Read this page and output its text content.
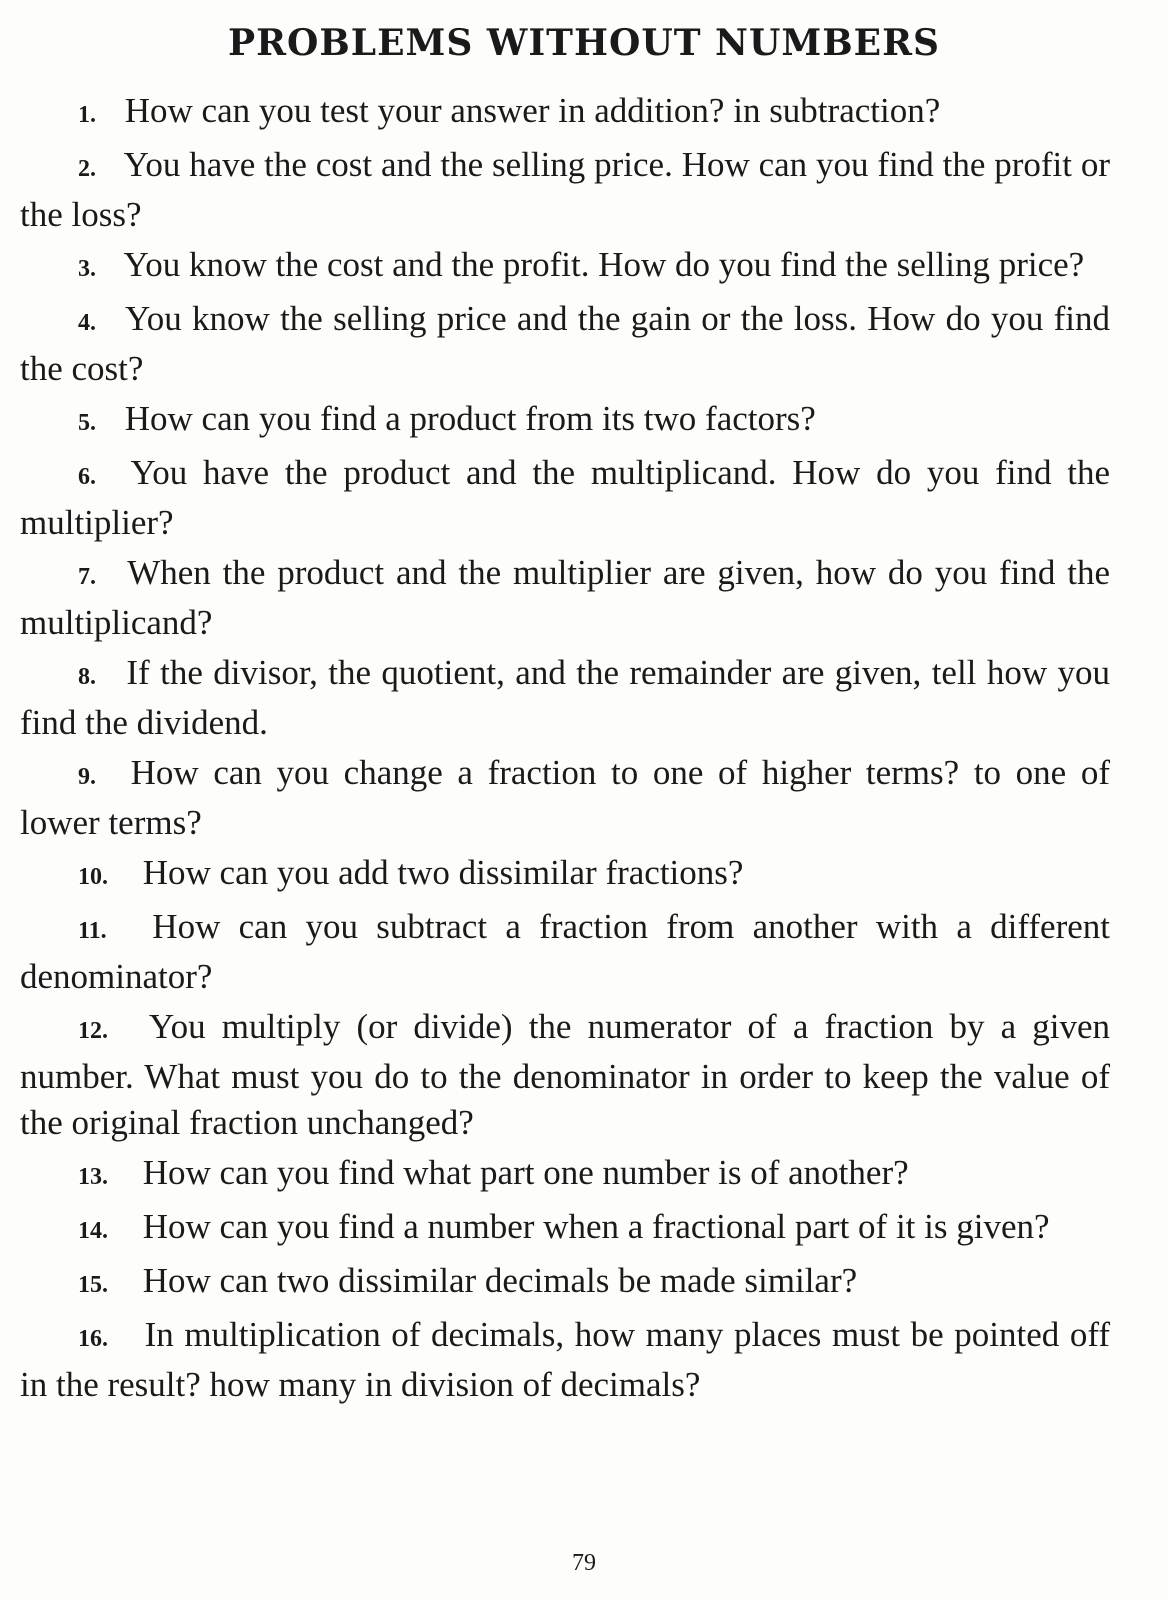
PROBLEMS WITHOUT NUMBERS

1. How can you test your answer in addition? in subtraction?

2. You have the cost and the selling price. How can you find the profit or the loss?

3. You know the cost and the profit. How do you find the selling price?

4. You know the selling price and the gain or the loss. How do you find the cost?

5. How can you find a product from its two factors?

6. You have the product and the multiplicand. How do you find the multiplier?

7. When the product and the multiplier are given, how do you find the multiplicand?

8. If the divisor, the quotient, and the remainder are given, tell how you find the dividend.

9. How can you change a fraction to one of higher terms? to one of lower terms?

10. How can you add two dissimilar fractions?

11. How can you subtract a fraction from another with a different denominator?

12. You multiply (or divide) the numerator of a fraction by a given number. What must you do to the denominator in order to keep the value of the original fraction unchanged?

13. How can you find what part one number is of another?

14. How can you find a number when a fractional part of it is given?

15. How can two dissimilar decimals be made similar?

16. In multiplication of decimals, how many places must be pointed off in the result? how many in division of decimals?

79
